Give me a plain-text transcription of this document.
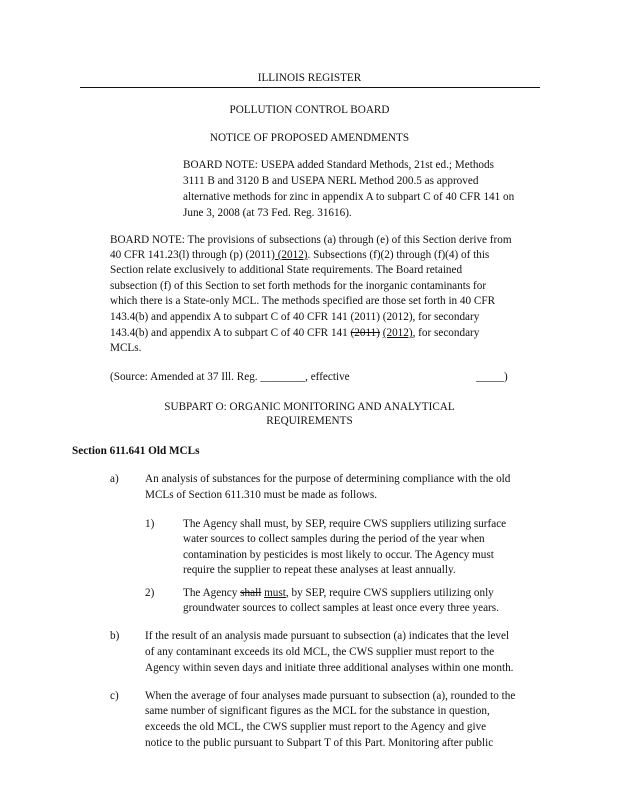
ILLINOIS REGISTER
POLLUTION CONTROL BOARD
NOTICE OF PROPOSED AMENDMENTS
BOARD NOTE: USEPA added Standard Methods, 21st ed.; Methods
3111 B and 3120 B and USEPA NERL Method 200.5 as approved
alternative methods for zinc in appendix A to subpart C of 40 CFR 141 on
June 3, 2008 (at 73 Fed. Reg. 31616).
BOARD NOTE: The provisions of subsections (a) through (e) of this Section derive from
40 CFR 141.23(l) through (p) (2011) (2012). Subsections (f)(2) through (f)(4) of this
Section relate exclusively to additional State requirements. The Board retained
subsection (f) of this Section to set forth methods for the inorganic contaminants for
which there is a State-only MCL. The methods specified are those set forth in 40 CFR
143.4(b) and appendix A to subpart C of 40 CFR 141 (2011) (2012), for secondary
143.4(b) and appendix A to subpart C of 40 CFR 141 (2011) (2012), for secondary
MCLs.
(Source: Amended at 37 Ill. Reg. ________, effective	_____)
SUBPART O: ORGANIC MONITORING AND ANALYTICAL
REQUIREMENTS
Section 611.641 Old MCLs
a) An analysis of substances for the purpose of determining compliance with the old
MCLs of Section 611.310 must be made as follows.
1)	The Agency shall must, by SEP, require CWS suppliers utilizing surface
water sources to collect samples during the period of the year when
contamination by pesticides is most likely to occur. The Agency must
require the supplier to repeat these analyses at least annually.
2)	The Agency shall must, by SEP, require CWS suppliers utilizing only
groundwater sources to collect samples at least once every three years.
b) If the result of an analysis made pursuant to subsection (a) indicates that the level
of any contaminant exceeds its old MCL, the CWS supplier must report to the
Agency within seven days and initiate three additional analyses within one month.
c) When the average of four analyses made pursuant to subsection (a), rounded to the
same number of significant figures as the MCL for the substance in question,
exceeds the old MCL, the CWS supplier must report to the Agency and give
notice to the public pursuant to Subpart T of this Part. Monitoring after public
